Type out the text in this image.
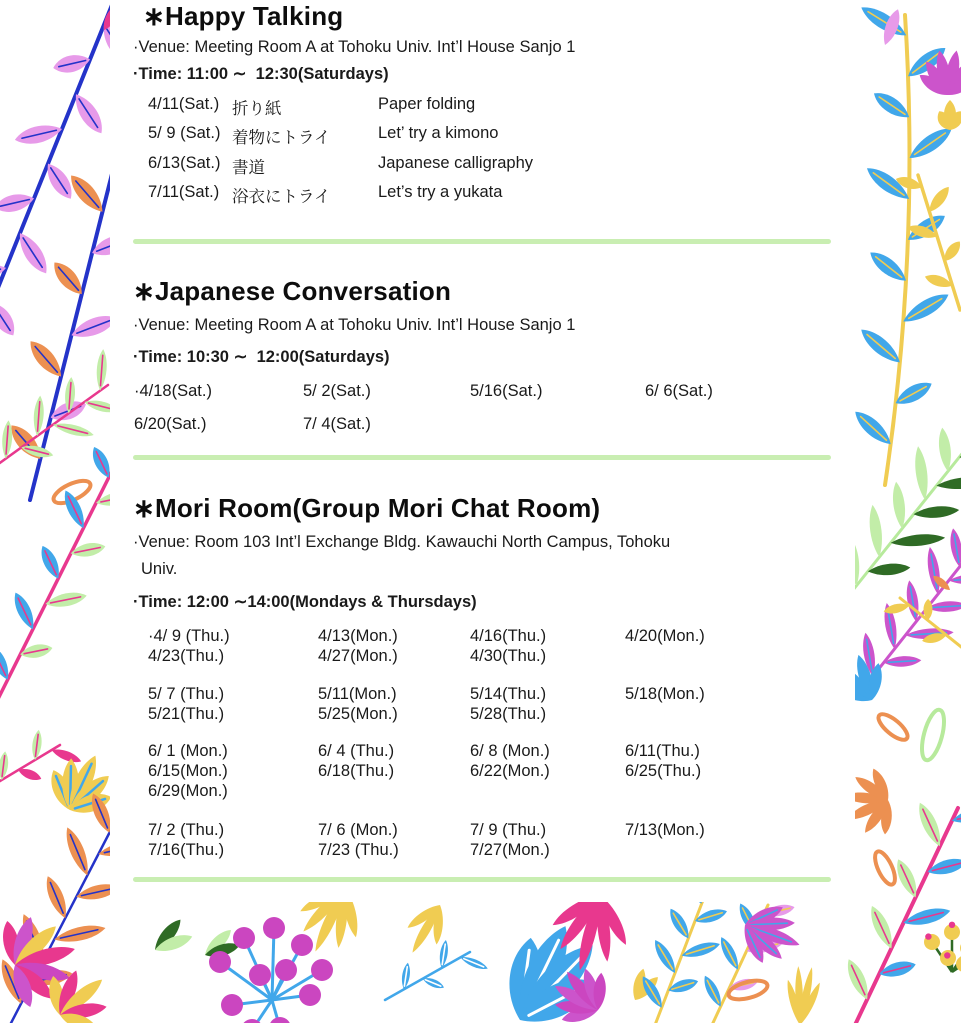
∗Happy Talking
·Venue: Meeting Room A at Tohoku Univ. Int’l House Sanjo 1
·Time: 11:00 ∼  12:30(Saturdays)
4/11(Sat.) 折り紙	Paper folding
5/ 9 (Sat.) 着物にトライ	Let’ try a kimono
6/13(Sat.) 書道	Japanese calligraphy
7/11(Sat.) 浴衣にトライ	Let’s try a yukata
∗Japanese Conversation
·Venue: Meeting Room A at Tohoku Univ. Int’l House Sanjo 1
·Time: 10:30 ∼  12:00(Saturdays)
·4/18(Sat.)	5/ 2(Sat.)	5/16(Sat.)	6/ 6(Sat.)
6/20(Sat.)	7/ 4(Sat.)
∗Mori Room(Group Mori Chat Room)
·Venue: Room 103 Int’l Exchange Bldg. Kawauchi North Campus, Tohoku
Univ.
·Time: 12:00 ∼14:00(Mondays & Thursdays)
·4/ 9 (Thu.)	4/13(Mon.)	4/16(Thu.)	4/20(Mon.)
4/23(Thu.)	4/27(Mon.)	4/30(Thu.)
5/ 7 (Thu.)	5/11(Mon.)	5/14(Thu.)	5/18(Mon.)
5/21(Thu.)	5/25(Mon.)	5/28(Thu.)
6/ 1 (Mon.)	6/ 4 (Thu.)	6/ 8 (Mon.)	6/11(Thu.)
6/15(Mon.)	6/18(Thu.)	6/22(Mon.)	6/25(Thu.)
6/29(Mon.)
7/ 2 (Thu.)	7/ 6 (Mon.)	7/ 9 (Thu.)	7/13(Mon.)
7/16(Thu.)	7/23 (Thu.)	7/27(Mon.)
